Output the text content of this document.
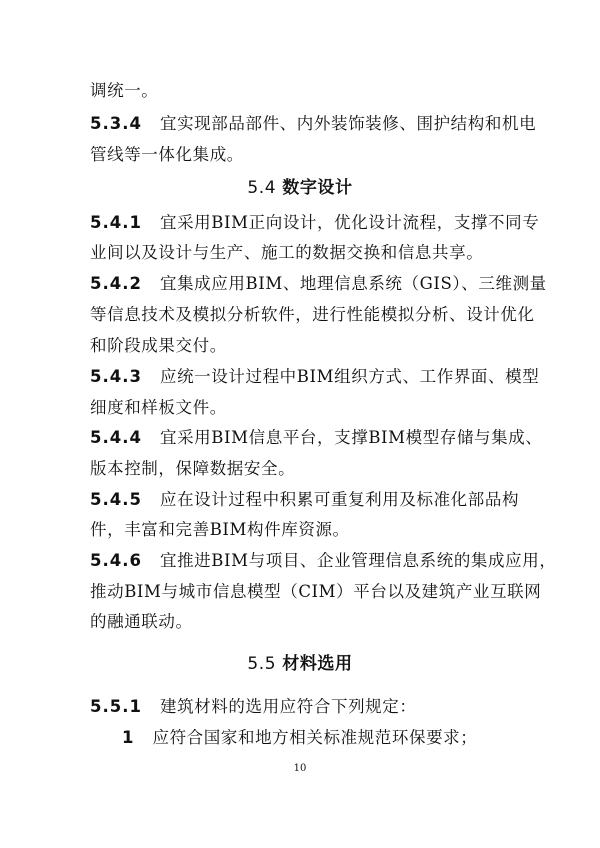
调统一。
5.3.4 宜实现部品部件、内外装饰装修、围护结构和机电
管线等一体化集成。
5.4 数字设计
5.4.1 宜采用BIM正向设计，优化设计流程，支撑不同专
业间以及设计与生产、施工的数据交换和信息共享。
5.4.2 宜集成应用BIM、地理信息系统（GIS）、三维测量
等信息技术及模拟分析软件，进行性能模拟分析、设计优化
和阶段成果交付。
5.4.3 应统一设计过程中BIM组织方式、工作界面、模型
细度和样板文件。
5.4.4 宜采用BIM信息平台，支撑BIM模型存储与集成、
版本控制，保障数据安全。
5.4.5 应在设计过程中积累可重复利用及标准化部品构
件，丰富和完善BIM构件库资源。
5.4.6 宜推进BIM与项目、企业管理信息系统的集成应用，
推动BIM与城市信息模型（CIM）平台以及建筑产业互联网
的融通联动。
5.5 材料选用
5.5.1 建筑材料的选用应符合下列规定：
1 应符合国家和地方相关标准规范环保要求；
10
